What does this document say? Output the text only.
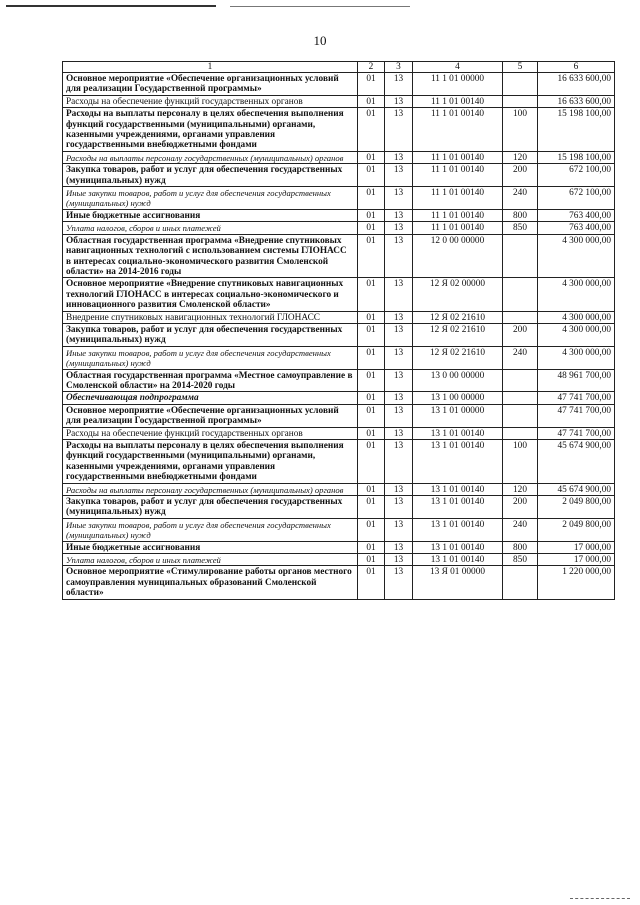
10
1	2	3	4	5	6
Основное мероприятие «Обеспечение организационных условий для реализации Государственной программы»	01	13	11 1 01 00000		16 633 600,00
Расходы на обеспечение функций государственных органов	01	13	11 1 01 00140		16 633 600,00
Расходы на выплаты персоналу в целях обеспечения выполнения функций государственными (муниципальными) органами, казенными учреждениями, органами управления государственными внебюджетными фондами	01	13	11 1 01 00140	100	15 198 100,00
Расходы на выплаты персоналу государственных (муниципальных) органов	01	13	11 1 01 00140	120	15 198 100,00
Закупка товаров, работ и услуг для обеспечения государственных (муниципальных) нужд	01	13	11 1 01 00140	200	672 100,00
Иные закупки товаров, работ и услуг для обеспечения государственных (муниципальных) нужд	01	13	11 1 01 00140	240	672 100,00
Иные бюджетные ассигнования	01	13	11 1 01 00140	800	763 400,00
Уплата налогов, сборов и иных платежей	01	13	11 1 01 00140	850	763 400,00
Областная государственная программа «Внедрение спутниковых навигационных технологий с использованием системы ГЛОНАСС в интересах социально-экономического развития Смоленской области» на 2014-2016 годы	01	13	12 0 00 00000		4 300 000,00
Основное мероприятие «Внедрение спутниковых навигационных технологий ГЛОНАСС в интересах социально-экономического и инновационного развития Смоленской области»	01	13	12 Я 02 00000		4 300 000,00
Внедрение спутниковых навигационных технологий ГЛОНАСС	01	13	12 Я 02 21610		4 300 000,00
Закупка товаров, работ и услуг для обеспечения государственных (муниципальных) нужд	01	13	12 Я 02 21610	200	4 300 000,00
Иные закупки товаров, работ и услуг для обеспечения государственных (муниципальных) нужд	01	13	12 Я 02 21610	240	4 300 000,00
Областная государственная программа «Местное самоуправление в Смоленской области» на 2014-2020 годы	01	13	13 0 00 00000		48 961 700,00
Обеспечивающая подпрограмма	01	13	13 1 00 00000		47 741 700,00
Основное мероприятие «Обеспечение организационных условий для реализации Государственной программы»	01	13	13 1 01 00000		47 741 700,00
Расходы на обеспечение функций государственных органов	01	13	13 1 01 00140		47 741 700,00
Расходы на выплаты персоналу в целях обеспечения выполнения функций государственными (муниципальными) органами, казенными учреждениями, органами управления государственными внебюджетными фондами	01	13	13 1 01 00140	100	45 674 900,00
Расходы на выплаты персоналу государственных (муниципальных) органов	01	13	13 1 01 00140	120	45 674 900,00
Закупка товаров, работ и услуг для обеспечения государственных (муниципальных) нужд	01	13	13 1 01 00140	200	2 049 800,00
Иные закупки товаров, работ и услуг для обеспечения государственных (муниципальных) нужд	01	13	13 1 01 00140	240	2 049 800,00
Иные бюджетные ассигнования	01	13	13 1 01 00140	800	17 000,00
Уплата налогов, сборов и иных платежей	01	13	13 1 01 00140	850	17 000,00
Основное мероприятие «Стимулирование работы органов местного самоуправления муниципальных образований Смоленской области»	01	13	13 Я 01 00000		1 220 000,00
